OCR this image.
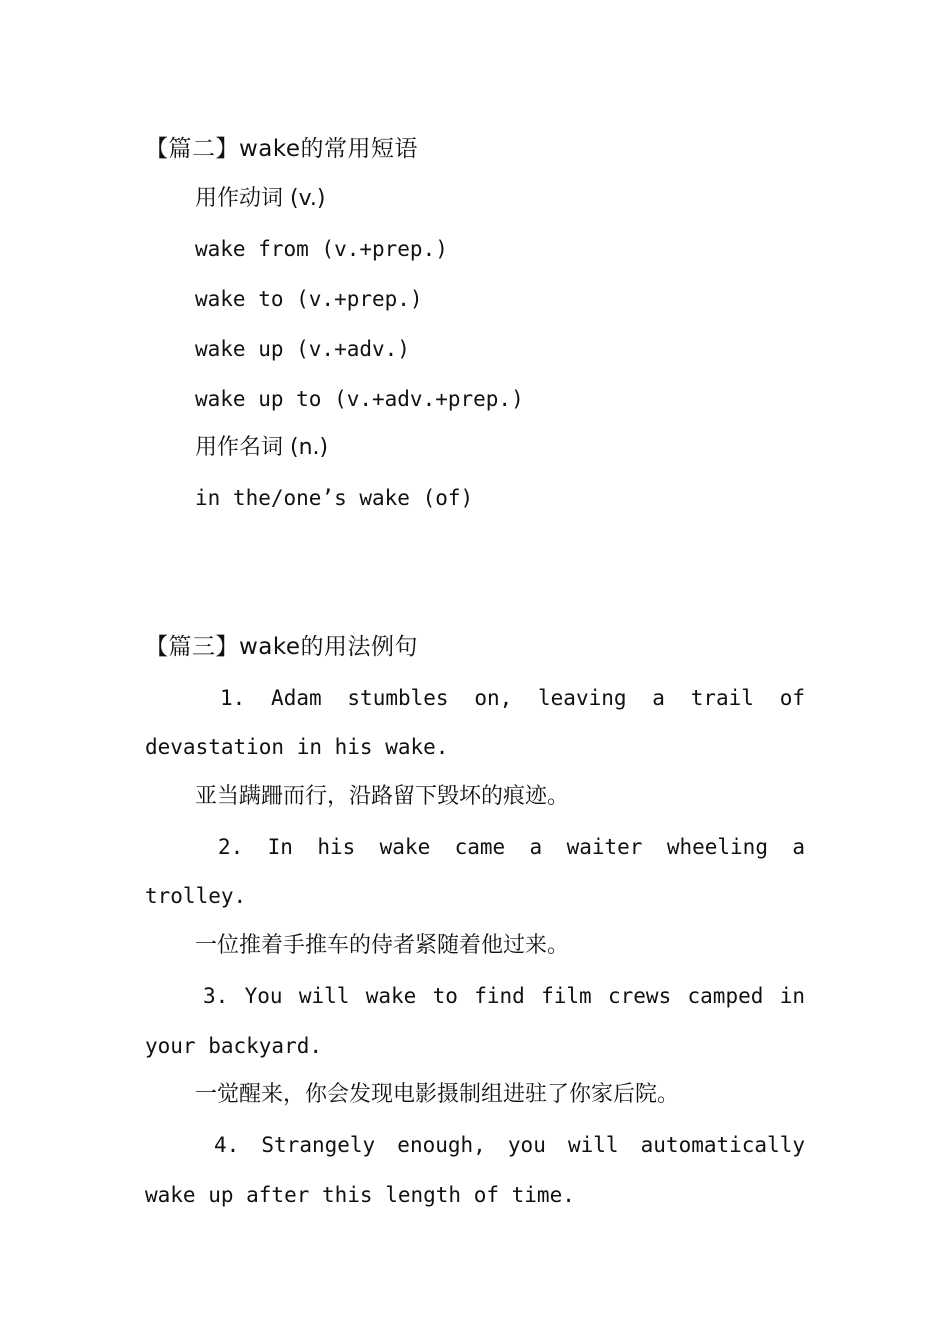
【篇二】wake的常用短语

用作动词 (v.)

wake from (v.+prep.)

wake to (v.+prep.)

wake up (v.+adv.)

wake up to (v.+adv.+prep.)

用作名词 (n.)

in the/one’s wake (of)

【篇三】wake的用法例句

1. Adam stumbles on, leaving a trail of

devastation in his wake.

亚当蹒跚而行，沿路留下毁坏的痕迹。

2. In his wake came a waiter wheeling a

trolley.

一位推着手推车的侍者紧随着他过来。

3. You will wake to find film crews camped in

your backyard.

一觉醒来，你会发现电影摄制组进驻了你家后院。

4. Strangely enough, you will automatically

wake up after this length of time.
